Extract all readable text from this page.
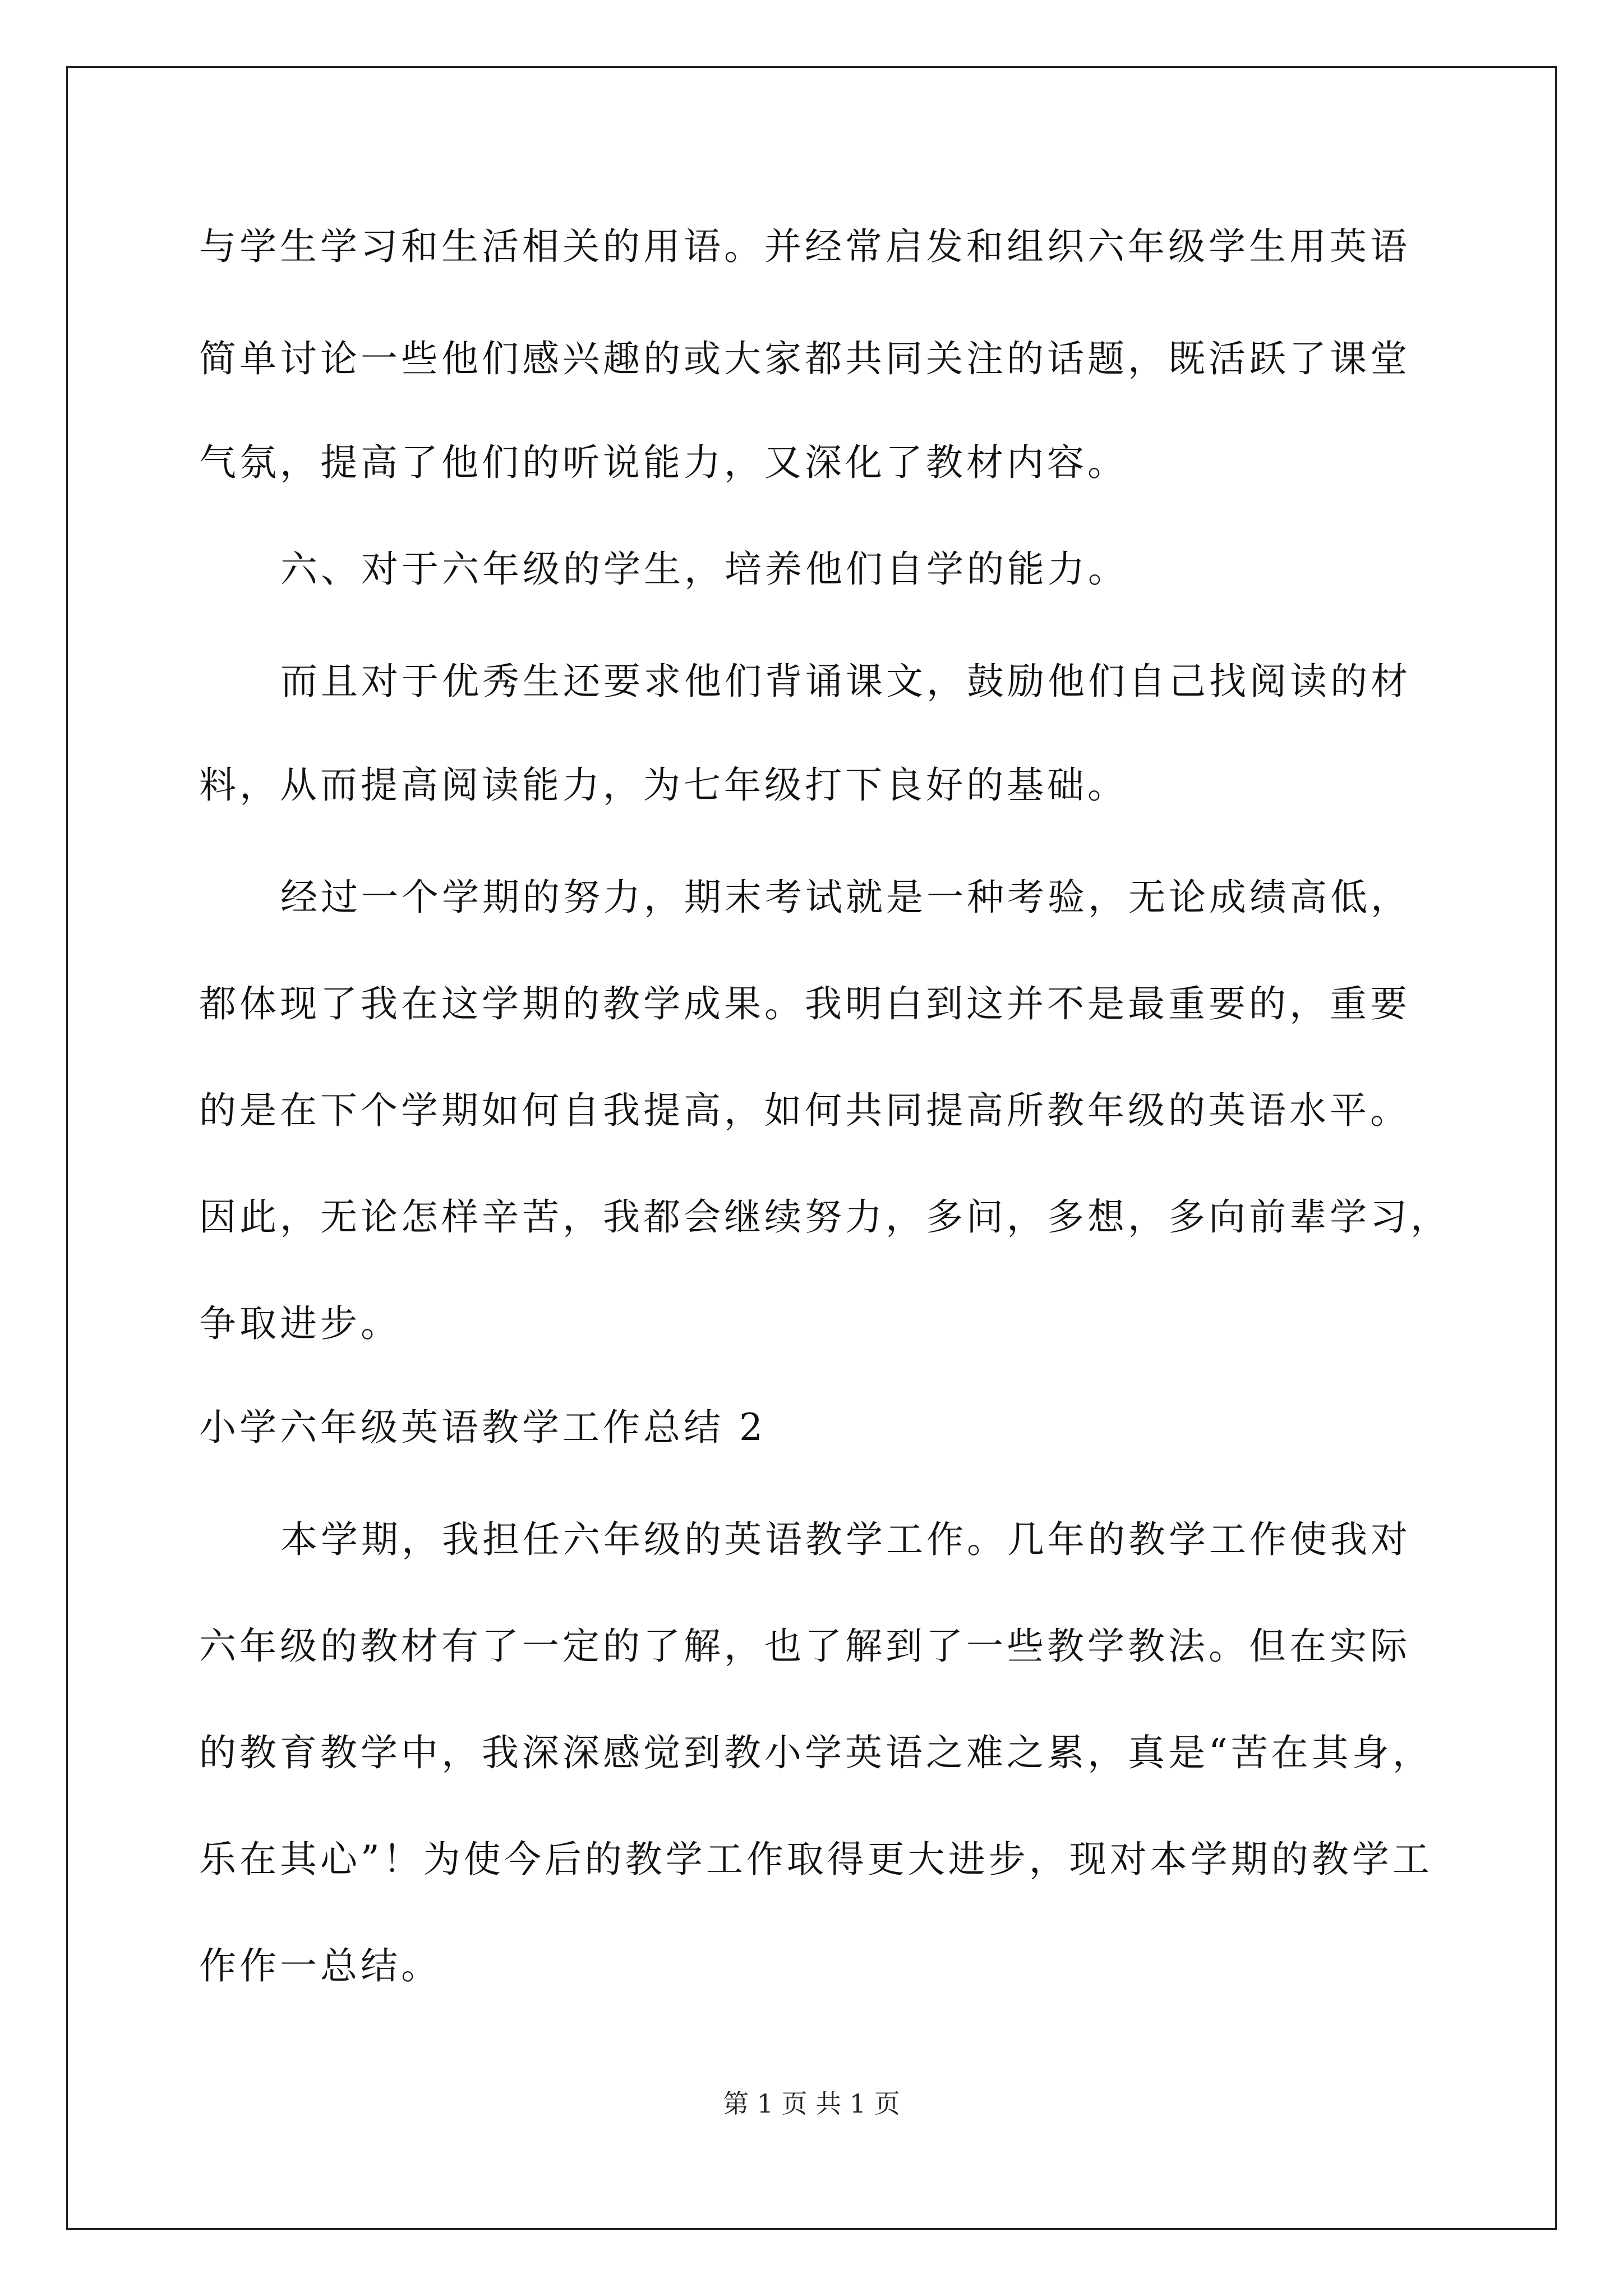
与学生学习和生活相关的用语。并经常启发和组织六年级学生用英语
简单讨论一些他们感兴趣的或大家都共同关注的话题，既活跃了课堂
气氛，提高了他们的听说能力，又深化了教材内容。
六、对于六年级的学生，培养他们自学的能力。
而且对于优秀生还要求他们背诵课文，鼓励他们自己找阅读的材
料，从而提高阅读能力，为七年级打下良好的基础。
经过一个学期的努力，期末考试就是一种考验，无论成绩高低，
都体现了我在这学期的教学成果。我明白到这并不是最重要的，重要
的是在下个学期如何自我提高，如何共同提高所教年级的英语水平。
因此，无论怎样辛苦，我都会继续努力，多问，多想，多向前辈学习，
争取进步。
小学六年级英语教学工作总结 2
本学期，我担任六年级的英语教学工作。几年的教学工作使我对
六年级的教材有了一定的了解，也了解到了一些教学教法。但在实际
的教育教学中，我深深感觉到教小学英语之难之累，真是“苦在其身，
乐在其心”！为使今后的教学工作取得更大进步，现对本学期的教学工
作作一总结。
第 1 页 共 1 页
